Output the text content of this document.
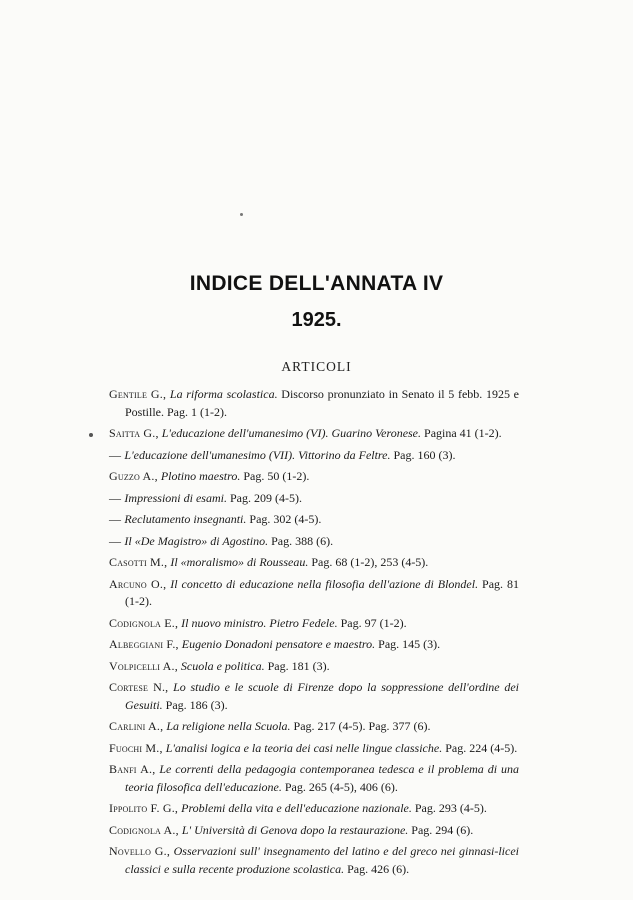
INDICE DELL'ANNATA IV
1925.
ARTICOLI
Gentile G., La riforma scolastica. Discorso pronunziato in Senato il 5 febb. 1925 e Postille. Pag. 1 (1-2).
Saitta G., L'educazione dell'umanesimo (VI). Guarino Veronese. Pagina 41 (1-2).
— L'educazione dell'umanesimo (VII). Vittorino da Feltre. Pag. 160 (3).
Guzzo A., Plotino maestro. Pag. 50 (1-2).
— Impressioni di esami. Pag. 209 (4-5).
— Reclutamento insegnanti. Pag. 302 (4-5).
— Il «De Magistro» di Agostino. Pag. 388 (6).
Casotti M., Il «moralismo» di Rousseau. Pag. 68 (1-2), 253 (4-5).
Arcuno O., Il concetto di educazione nella filosofia dell'azione di Blondel. Pag. 81 (1-2).
Codignola E., Il nuovo ministro. Pietro Fedele. Pag. 97 (1-2).
Albeggiani F., Eugenio Donadoni pensatore e maestro. Pag. 145 (3).
Volpicelli A., Scuola e politica. Pag. 181 (3).
Cortese N., Lo studio e le scuole di Firenze dopo la soppressione dell'ordine dei Gesuiti. Pag. 186 (3).
Carlini A., La religione nella Scuola. Pag. 217 (4-5). Pag. 377 (6).
Fuochi M., L'analisi logica e la teoria dei casi nelle lingue classiche. Pag. 224 (4-5).
Banfi A., Le correnti della pedagogia contemporanea tedesca e il problema di una teoria filosofica dell'educazione. Pag. 265 (4-5), 406 (6).
Ippolito F. G., Problemi della vita e dell'educazione nazionale. Pag. 293 (4-5).
Codignola A., L' Università di Genova dopo la restaurazione. Pag. 294 (6).
Novello G., Osservazioni sull' insegnamento del latino e del greco nei ginnasi-licei classici e sulla recente produzione scolastica. Pag. 426 (6).
